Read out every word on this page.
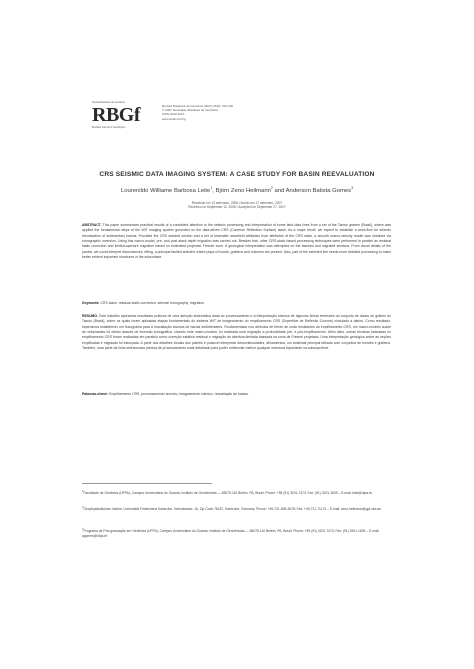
Revista Brasileira de Geofísica
RBGf
Brazilian Journal of Geophysics
Revista Brasileira de Geofísica (2007) 25(3): 321-336
© 2007 Sociedade Brasileira de Geofísica
ISSN 0102-261X
www.scielo.br/rbg
CRS SEISMIC DATA IMAGING SYSTEM: A CASE STUDY FOR BASIN REEVALUATION
Lourenildo Williame Barbosa Leite$^1$, Björn Zeno Heilmann$^2$ and Anderson Batista Gomes$^3$
Recebido em 12 setembro, 2006 / Aceito em 27 setembro, 2007
Received on September 12, 2006 / Accepted on September 27, 2007

ABSTRACT. This paper summarizes practical results of a consistent attention to the seismic processing and interpretation of some land data lines from a set of the Tacutu graben (Brazil), where was applied the fundamental steps of the WIT imaging system grounded on the data-driven CRS (Common Reflection Surface) stack. As a major result, we expect to establish a work-flow for seismic reevaluation of sedimentary basins. Provided the CRS stacked section and a set of kinematic wavefield attributes from attributes of the CRS stack, a smooth macro-velocity model was obtained via tomographic inversion. Using this macro-model, pre- and post-stack depth migration was carried out. Besides that, other CRS-stack based processing techniques were performed in parallel as residual static correction and limited-aperture migration based on estimated projected Fresnel zone. A geological interpretation was attempted on the stacked and migrated sections. From visual details of the panels, we could interpret discordances, rifting, a principal faulted anticline where plays of horsts, grabens and rollovers are present. Also, part of the selected line needs more detailed processing to make better evident important structures in the subsurface.

Keywords: CRS stack, residual static correction, seismic tomography, migration.

RESUMO. Este trabalho apresenta resultados práticos de uma atenção sistemática dada ao processamento e à interpretação sísmica de algumas linhas terrestres do conjunto de dados do gráben do Tacutu (Brasil), sobre os quais foram aplicadas etapas fundamentais do sistema WIT de imageamento do empilhamento CRS (Superfície de Reflexão Comum) vinculado a dados. Como resultado, esperamos estabelecer um fluxograma para a reavaliação sísmica de bacias sedimentares. Fundamentado nos atributos de frente de onda resultantes do empilhamento CRS, um macro-modelo suave de velocidades foi obtido através de inversão tomográfica. Usando este macro-modelo, foi realizada uma migração a profundidade pré- e pós-empilhamento. Além disto, outras técnicas baseadas no empilhamento CRS foram realizadas em paralelo como correção estática residual e migração de abertura-limitada baseada na zona de Fresnel projetada. Uma interpretação geológica sobre as seções empilhadas e migradas foi esboçada. A partir dos detalhes visuais dos painéis é possível interpretar descontinuidades, afinamentos, um anticlinal principal falhado com conjuntos de horstes e grábens. Também, uma parte da linha selecionada precisa de processamento mais detalhado para poder evidenciar melhor qualquer estrutura importante na subsuperfície.

Palavras-chave: Empilhamento CRS, processamento sísmico, imageamento sísmico, reavaliação de bacias.

$^1$Faculdade de Geofísica (UFPA), Campus Universitário do Guamá, Instituto de Geociências — 66075-110 Belém, PA, Brazil. Phone: +55 (91) 3201-7473; Fax: (91) 3201-1609 – E-mail: leite@ufpa.br

$^2$Geophysikalisches Institut, Universität Fridericiana Karlsruhe, Hertzstrasse, 16, Zip Code 76187, Karlsruhe, Germany. Phone: +49-721-608-4578; Fax: +49-721-71173 – E-mail: zeno.heilmann@gpi.uka.de

$^3$Programa de Pós-graduação em Geofísica (UFPA), Campus Universitário do Guamá, Instituto de Geociências — 66075-110 Belém, PA, Brazil. Phone: +55 (91) 3201-7473; Fax: (91) 3201-1609 – E-mail: agomes@ufpa.br
